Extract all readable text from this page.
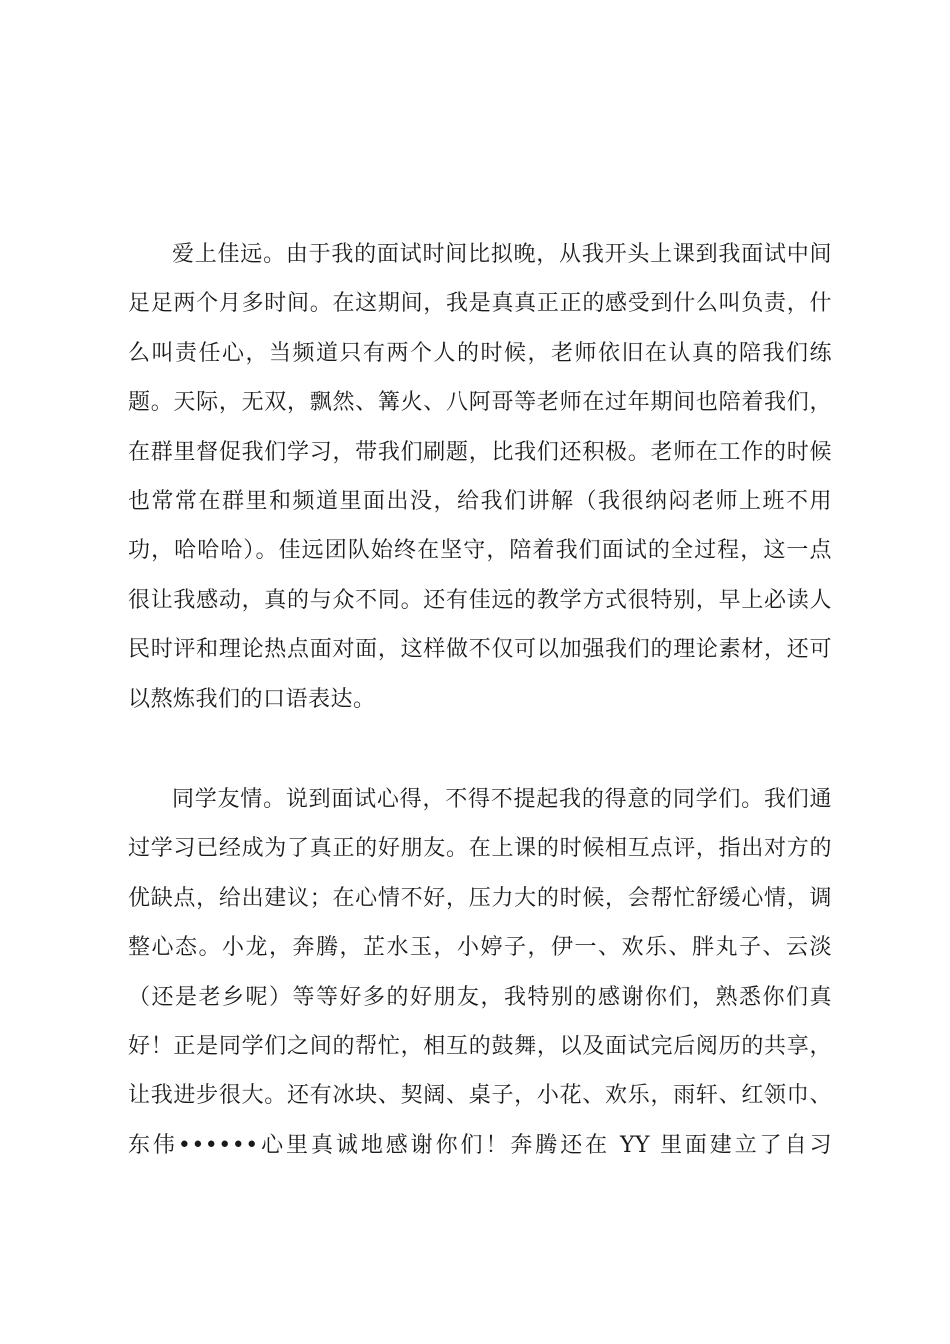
爱上佳远。由于我的面试时间比拟晚，从我开头上课到我面试中间
足足两个月多时间。在这期间，我是真真正正的感受到什么叫负责，什
么叫责任心，当频道只有两个人的时候，老师依旧在认真的陪我们练
题。天际，无双，飘然、篝火、八阿哥等老师在过年期间也陪着我们，
在群里督促我们学习，带我们刷题，比我们还积极。老师在工作的时候
也常常在群里和频道里面出没，给我们讲解（我很纳闷老师上班不用
功，哈哈哈）。佳远团队始终在坚守，陪着我们面试的全过程，这一点
很让我感动，真的与众不同。还有佳远的教学方式很特别，早上必读人
民时评和理论热点面对面，这样做不仅可以加强我们的理论素材，还可
以熬炼我们的口语表达。
同学友情。说到面试心得，不得不提起我的得意的同学们。我们通
过学习已经成为了真正的好朋友。在上课的时候相互点评，指出对方的
优缺点，给出建议；在心情不好，压力大的时候，会帮忙舒缓心情，调
整心态。小龙，奔腾，芷水玉，小婷子，伊一、欢乐、胖丸子、云淡
（还是老乡呢）等等好多的好朋友，我特别的感谢你们，熟悉你们真
好！正是同学们之间的帮忙，相互的鼓舞，以及面试完后阅历的共享，
让我进步很大。还有冰块、契阔、桌子，小花、欢乐，雨轩、红领巾、
东伟••••••心里真诚地感谢你们！奔腾还在 YY 里面建立了自习
